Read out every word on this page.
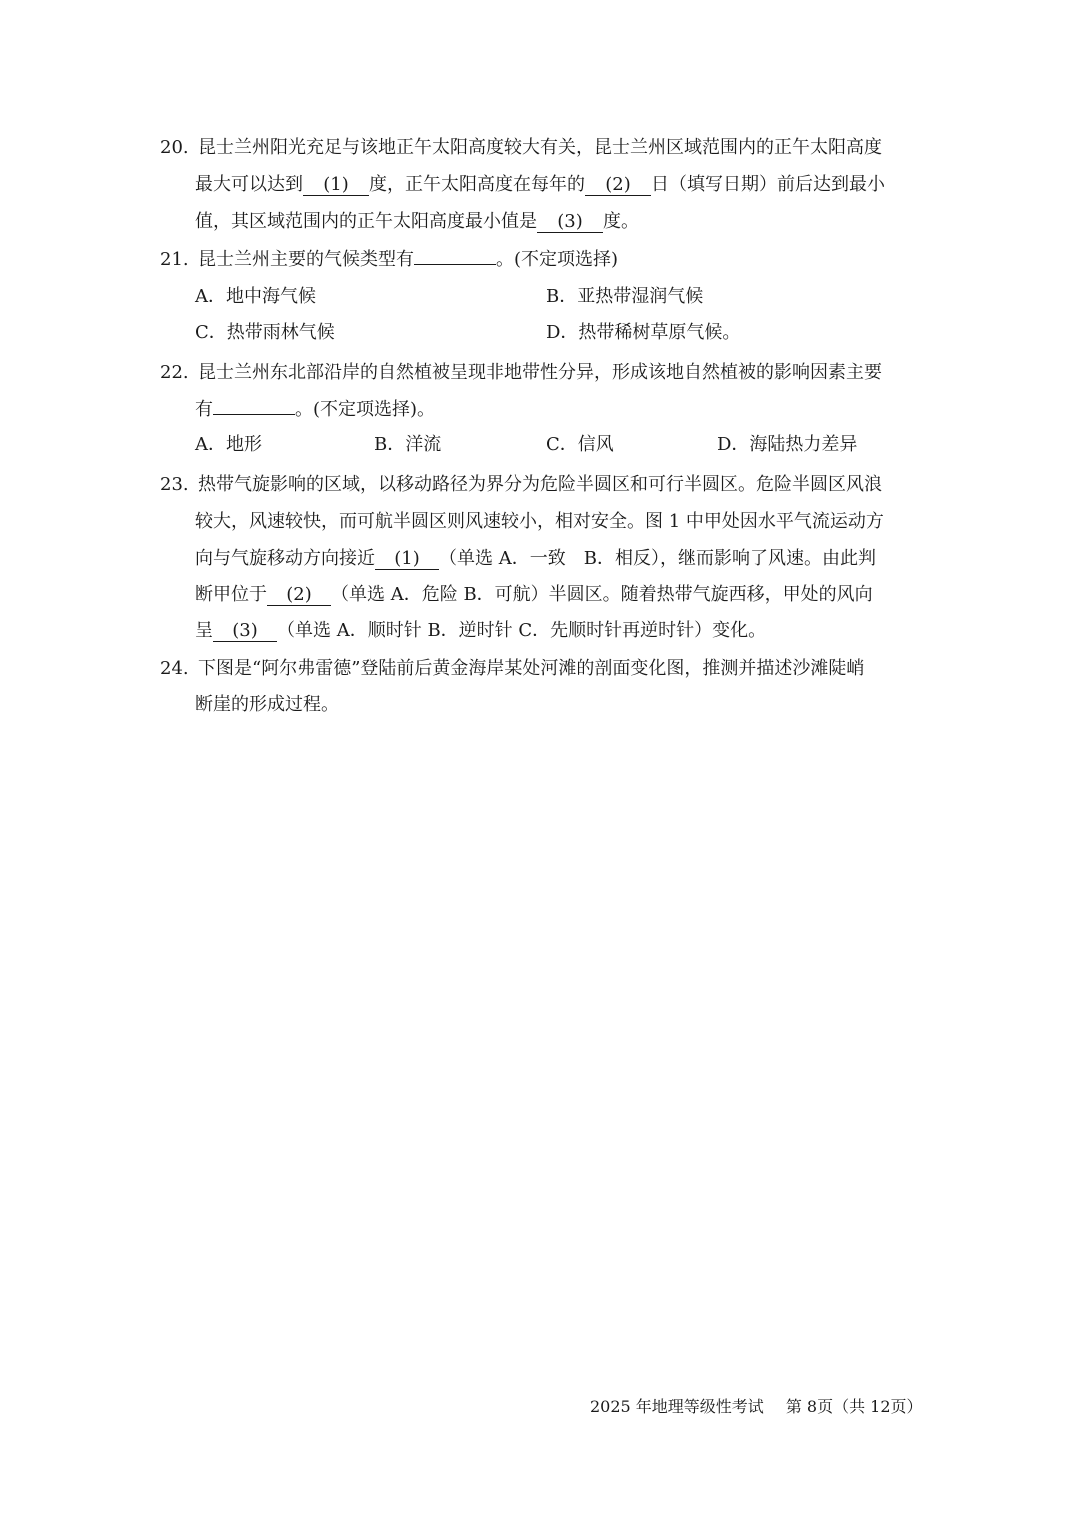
20. 昆士兰州阳光充足与该地正午太阳高度较大有关，昆士兰州区域范围内的正午太阳高度
最大可以达到 (1) 度，正午太阳高度在每年的 (2) 日（填写日期）前后达到最小
值，其区域范围内的正午太阳高度最小值是 (3) 度。
21. 昆士兰州主要的气候类型有	。(不定项选择)
A．地中海气候	B．亚热带湿润气候
C．热带雨林气候	D．热带稀树草原气候。
22. 昆士兰州东北部沿岸的自然植被呈现非地带性分异，形成该地自然植被的影响因素主要
有	。(不定项选择)。
A．地形	B．洋流	C．信风	D．海陆热力差异
23. 热带气旋影响的区域，以移动路径为界分为危险半圆区和可行半圆区。危险半圆区风浪
较大，风速较快，而可航半圆区则风速较小，相对安全。图 1 中甲处因水平气流运动方
向与气旋移动方向接近 (1) （单选 A．一致　B．相反），继而影响了风速。由此判
断甲位于 (2) （单选 A．危险 B．可航）半圆区。随着热带气旋西移，甲处的风向
呈 (3) （单选 A．顺时针 B．逆时针 C．先顺时针再逆时针）变化。
24. 下图是“阿尔弗雷德”登陆前后黄金海岸某处河滩的剖面变化图，推测并描述沙滩陡峭
断崖的形成过程。
2025 年地理等级性考试 第 8页（共 12页）
